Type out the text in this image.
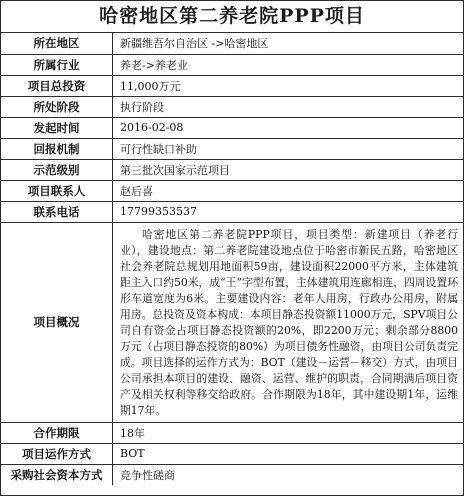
哈密地区第二养老院PPP项目
所在地区	新疆维吾尔自治区 ->哈密地区
所属行业	养老->养老业
项目总投资	11,000万元
所处阶段	执行阶段
发起时间	2016-02-08
回报机制	可行性缺口补助
示范级别	第三批次国家示范项目
项目联系人	赵后喜
联系电话	17799353537
项目概况	哈密地区第二养老院PPP项目，项目类型：新建项目（养老行业），建设地点：第二养老院建设地点位于哈密市新民五路，哈密地区社会养老院总规划用地面积59亩，建设面积22000平方米，主体建筑距主入口约50米，成“王”字型布置，主体建筑用连廊相连，四周设置环形车道宽度为6米。主要建设内容：老年人用房，行政办公用房，附属用房。总投资及资本构成：本项目静态投资额11000万元，SPV项目公司自有资金占项目静态投资额的20%，即2200万元；剩余部分8800万元（占项目静态投资的80%）为项目债务性融资，由项目公司负责完成。项目选择的运作方式为：BOT（建设－运营－移交）方式，由项目公司承担本项目的建设、融资、运营、维护的职责，合同期满后项目资产及相关权利等移交给政府。合作期限为18年，其中建设期1年，运维期17年。
合作期限	18年
项目运作方式	BOT
采购社会资本方式	竞争性磋商
